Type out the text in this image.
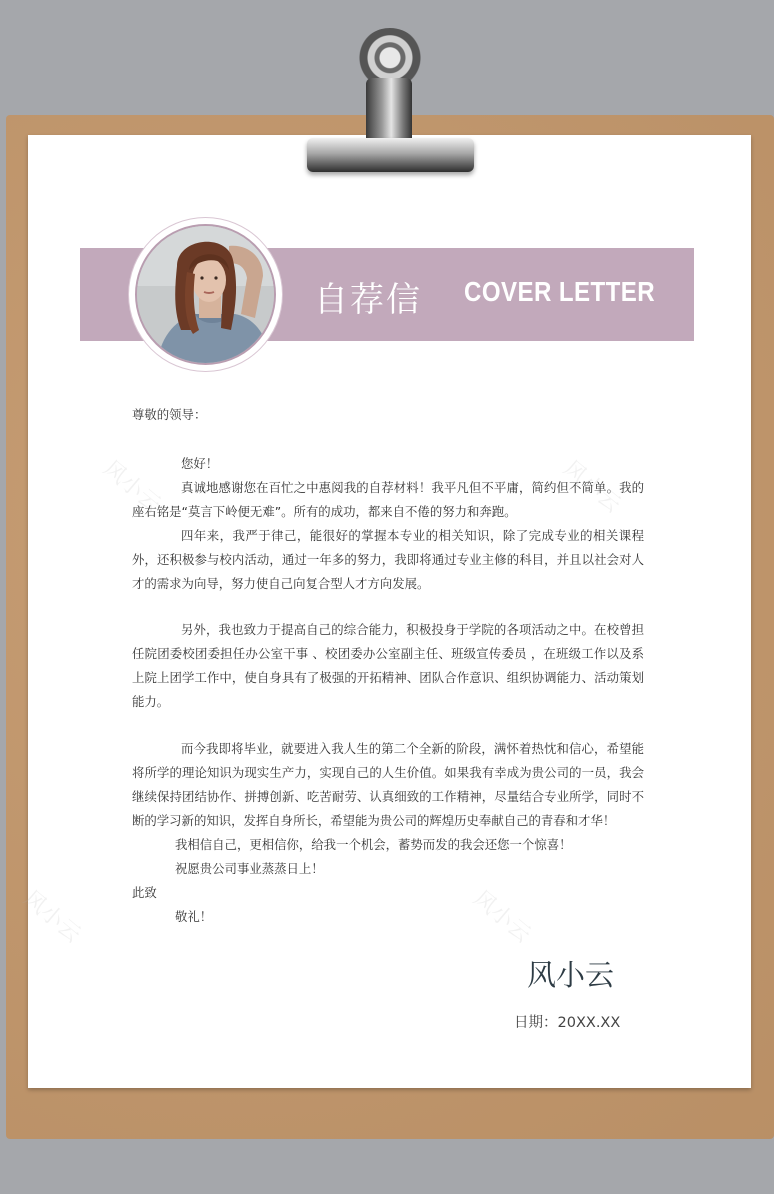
自荐信 COVER LETTER
风小云	风小云
风小云	风小云

尊敬的领导：

您好！

真诚地感谢您在百忙之中惠阅我的自荐材料！我平凡但不平庸，简约但不简单。我的座右铭是“莫言下岭便无难”。所有的成功，都来自不倦的努力和奔跑。

四年来，我严于律己，能很好的掌握本专业的相关知识，除了完成专业的相关课程外，还积极参与校内活动，通过一年多的努力，我即将通过专业主修的科目，并且以社会对人才的需求为向导，努力使自己向复合型人才方向发展。

另外，我也致力于提高自己的综合能力，积极投身于学院的各项活动之中。在校曾担任院团委校团委担任办公室干事 、校团委办公室副主任、班级宣传委员 ，在班级工作以及系上院上团学工作中，使自身具有了极强的开拓精神、团队合作意识、组织协调能力、活动策划能力。

而今我即将毕业，就要进入我人生的第二个全新的阶段，满怀着热忱和信心，希望能将所学的理论知识为现实生产力，实现自己的人生价值。如果我有幸成为贵公司的一员，我会继续保持团结协作、拼搏创新、吃苦耐劳、认真细致的工作精神，尽量结合专业所学，同时不断的学习新的知识，发挥自身所长，希望能为贵公司的辉煌历史奉献自己的青春和才华！

我相信自己，更相信你，给我一个机会，蓄势而发的我会还您一个惊喜！

祝愿贵公司事业蒸蒸日上！

此致

敬礼！

风小云
日期：20XX.XX
